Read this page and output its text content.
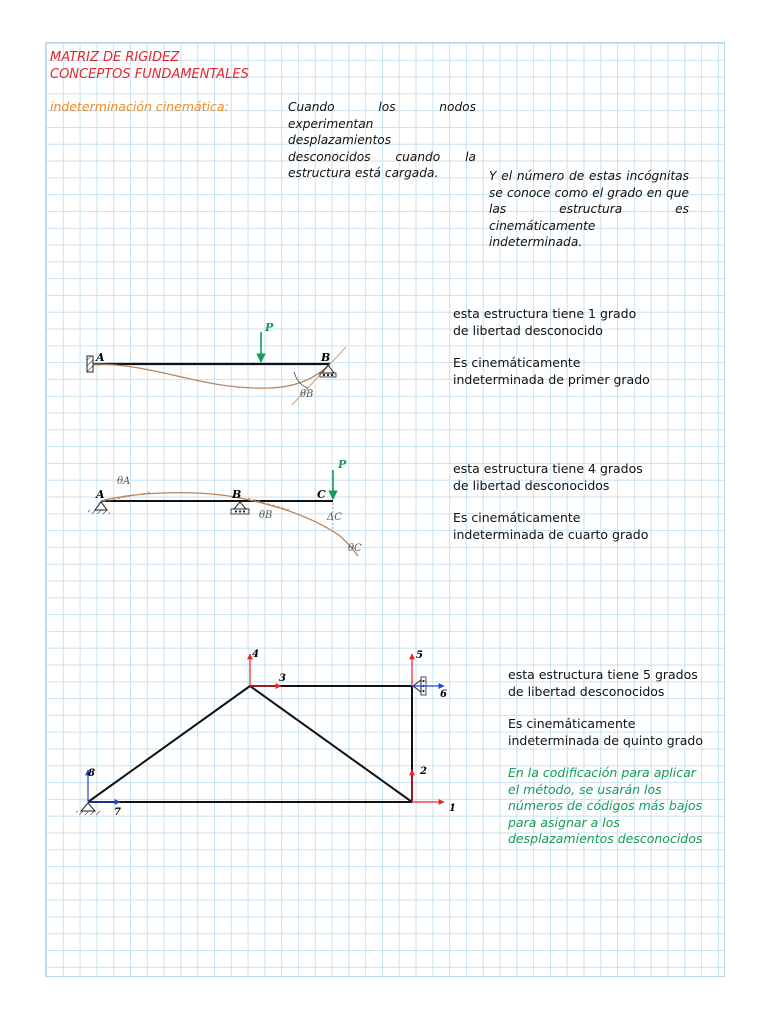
MATRIZ DE RIGIDEZ
CONCEPTOS FUNDAMENTALES
indeterminación cinemática:	Cuando los nodos experimentan desplazamientos desconocidos cuando la estructura está cargada.	Y el número de estas incógnitas se conoce como el grado en que las estructura es cinemáticamente indeterminada.

esta estructura tiene 1 grado de libertad desconocido

Es cinemáticamente indeterminada de primer grado

esta estructura tiene 4 grados de libertad desconocidos

Es cinemáticamente indeterminada de cuarto grado

esta estructura tiene 5 grados de libertad desconocidos

Es cinemáticamente indeterminada de quinto grado

En la codificación para aplicar el método, se usarán los números de códigos más bajos para asignar a los desplazamientos desconocidos

P
A	B
θB
P
A	B	C
θA
θB	ΔC
θC
1
2
3
4	5
6
7
8
